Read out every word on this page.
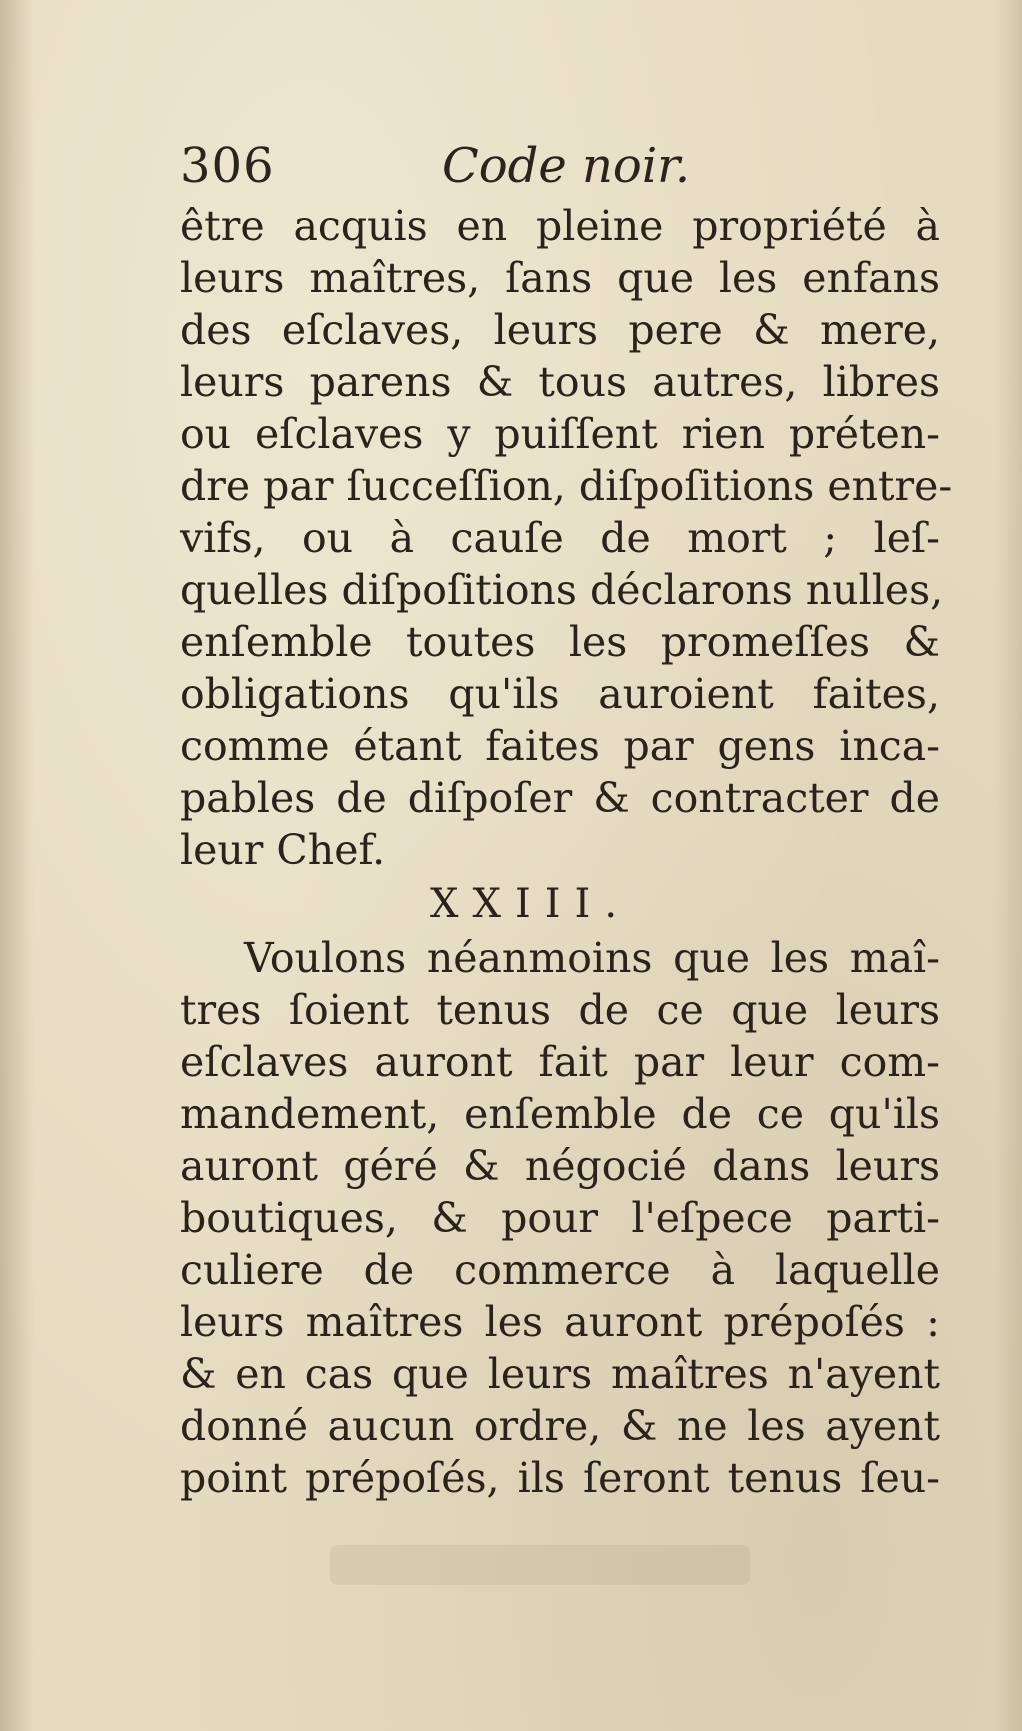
306	Code noir.
être acquis en pleine propriété à
leurs maîtres, ſans que les enfans
des eſclaves, leurs pere & mere,
leurs parens & tous autres, libres
ou eſclaves y puiſſent rien préten-
dre par ſucceſſion, diſpoſitions entre-
vifs, ou à cauſe de mort ; leſ-
quelles diſpoſitions déclarons nulles,
enſemble toutes les promeſſes &
obligations qu'ils auroient faites,
comme étant faites par gens inca-
pables de diſpoſer & contracter de
leur Chef.
XXIII.
Voulons néanmoins que les maî-
tres ſoient tenus de ce que leurs
eſclaves auront fait par leur com-
mandement, enſemble de ce qu'ils
auront géré & négocié dans leurs
boutiques, & pour l'eſpece parti-
culiere de commerce à laquelle
leurs maîtres les auront prépoſés :
& en cas que leurs maîtres n'ayent
donné aucun ordre, & ne les ayent
point prépoſés, ils ſeront tenus ſeu-
